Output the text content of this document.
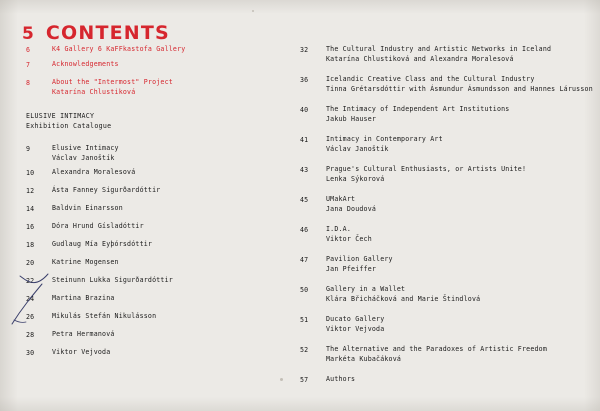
5 CONTENTS
6	K4 Gallery 6 KaFFkastofa Gallery
7	Acknowledgements
8	About the "Intermost" Project
Katarína Chlustiková
ELUSIVE INTIMACY
Exhibition Catalogue
9	Elusive Intimacy
Václav Janoštík
10	Alexandra Moralesová
12	Ásta Fanney Sigurðardóttir
14	Baldvin Einarsson
16	Dóra Hrund Gísladóttir
18	Gudlaug Mía Eyþórsdóttir
20	Katrine Mogensen
22	Steinunn Lukka Sigurðardóttir
24	Martina Brazina
26	Mikulás Stefán Nikulásson
28	Petra Hermanová
30	Viktor Vejvoda
32	The Cultural Industry and Artistic Networks in Iceland
Katarína Chlustiková and Alexandra Moralesová
36	Icelandic Creative Class and the Cultural Industry
Tinna Grétarsdóttir with Ásmundur Ásmundsson and Hannes Lárusson
40	The Intimacy of Independent Art Institutions
Jakub Hauser
41	Intimacy in Contemporary Art
Václav Janoštík
43	Prague's Cultural Enthusiasts, or Artists Unite!
Lenka Sýkorová
45	UMakArt
Jana Doudová
46	I.D.A.
Viktor Čech
47	Pavilion Gallery
Jan Pfeiffer
50	Gallery in a Wallet
Klára Břicháčková and Marie Štindlová
51	Ducato Gallery
Viktor Vejvoda
52	The Alternative and the Paradoxes of Artistic Freedom
Markéta Kubačáková
57	Authors
